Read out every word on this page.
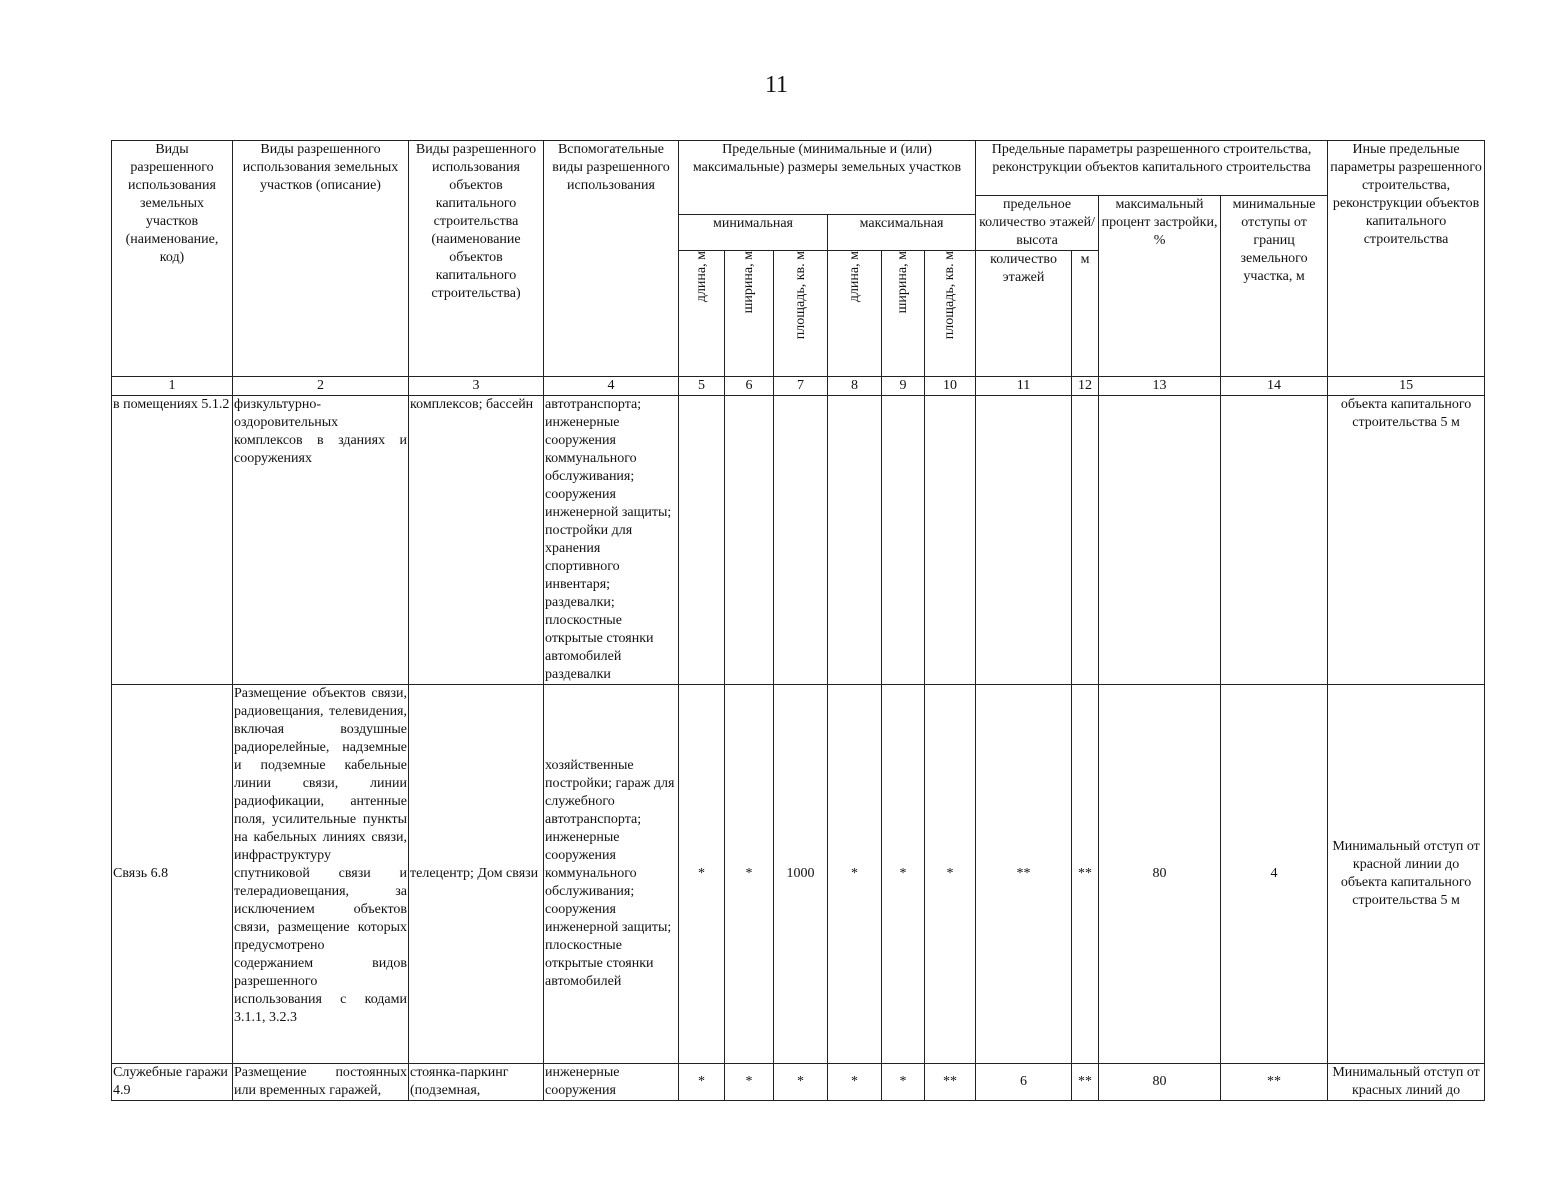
11
Виды разрешенного использования земельных участков (наименование, код)	Виды разрешенного использования земельных участков (описание)	Виды разрешенного использования объектов капитального строительства (наименование объектов капитального строительства)	Вспомогательные виды разрешенного использования	Предельные (минимальные и (или) максимальные) размеры земельных участков						Предельные параметры разрешенного строительства, реконструкции объектов капитального строительства				Иные предельные параметры разрешенного строительства, реконструкции объектов капитального строительства
										предельное количество этажей/высота		максимальный процент застройки, %	минимальные отступы от границ земельного участка, м	
				минимальная			максимальная							
				длина, м	ширина, м	площадь, кв. м	длина, м	ширина, м	площадь, кв. м	количество этажей	м			
1	2	3	4	5	6	7	8	9	10	11	12	13	14	15
в помещениях 5.1.2	физкультурно-оздоровительных комплексов в зданиях и сооружениях	комплексов; бассейн	автотранспорта; инженерные сооружения коммунального обслуживания; сооружения инженерной защиты; постройки для хранения спортивного инвентаря; раздевалки; плоскостные открытые стоянки автомобилей раздевалки											объекта капитального строительства 5 м
Связь 6.8	Размещение объектов связи, радиовещания, телевидения, включая воздушные радиорелейные, надземные и подземные кабельные линии связи, линии радиофикации, антенные поля, усилительные пункты на кабельных линиях связи, инфраструктуру спутниковой связи и телерадиовещания, за исключением объектов связи, размещение которых предусмотрено содержанием видов разрешенного использования с кодами 3.1.1, 3.2.3	телецентр; Дом связи	хозяйственные постройки; гараж для служебного автотранспорта; инженерные сооружения коммунального обслуживания; сооружения инженерной защиты; плоскостные открытые стоянки автомобилей	*	*	1000	*	*	*	**	**	80	4	Минимальный отступ от красной линии до объекта капитального строительства 5 м
Служебные гаражи 4.9	Размещение постоянных или временных гаражей,	стоянка-паркинг (подземная,	инженерные сооружения	*	*	*	*	*	**	6	**	80	**	Минимальный отступ от красных линий до
